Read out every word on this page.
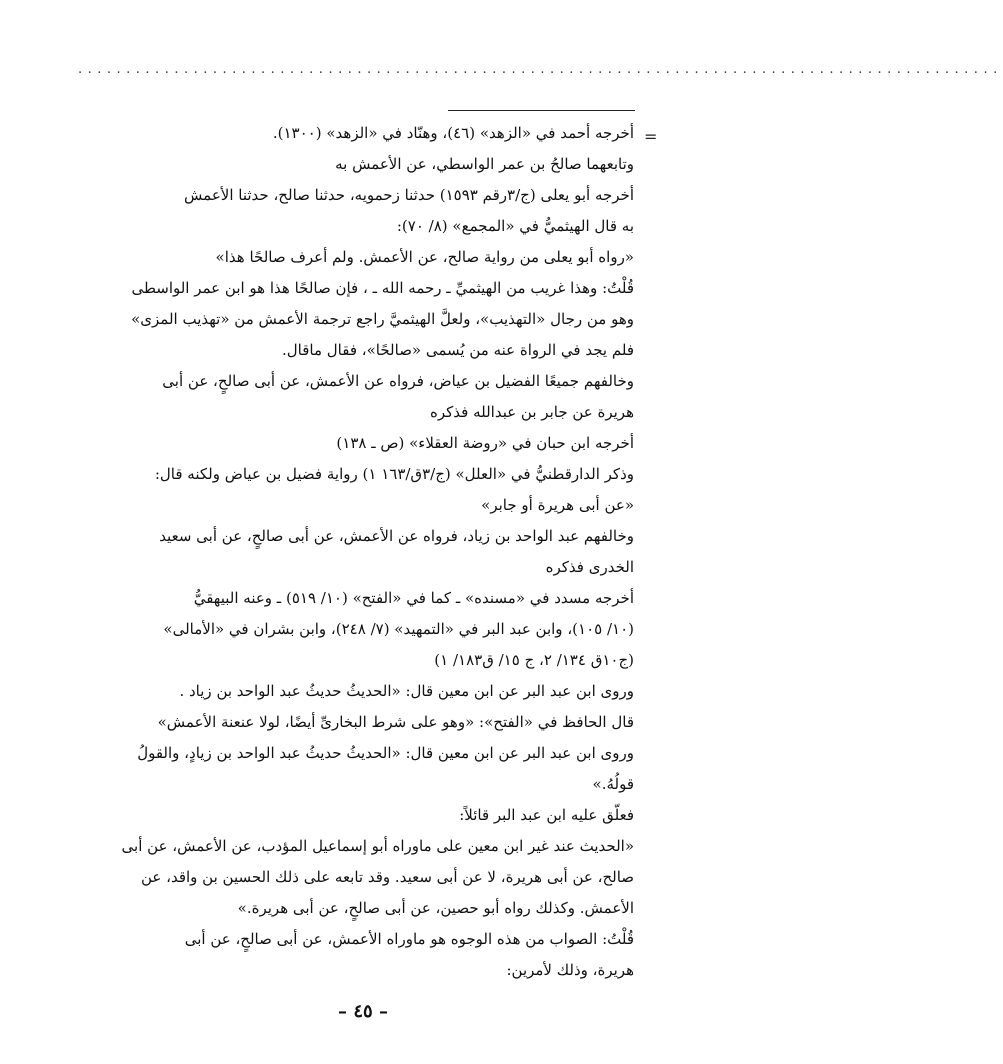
................................................................................................
=
أخرجه أحمد في «الزهد» (٤٦)، وهنّاد في «الزهد» (١٣٠٠).
وتابعهما صالحُ بن عمر الواسطي، عن الأعمش به
أخرجه أبو يعلى (ج/٣رقم ١٥٩٣) حدثنا زحمويه، حدثنا صالح، حدثنا الأعمش
به قال الهيثميُّ في «المجمع» (٨/ ٧٠):
«رواه أبو يعلى من رواية صالح، عن الأعمش. ولم أعرف صالحًا هذا»
قُلْتُ: وهذا غريب من الهيثميِّ ـ رحمه الله ـ ، فإن صالحًا هذا هو ابن عمر الواسطى
وهو من رجال «التهذيب»، ولعلَّ الهيثميَّ راجع ترجمة الأعمش من «تهذيب المزى»
فلم يجد في الرواة عنه من يُسمى «صالحًا»، فقال ماقال.
وخالفهم جميعًا الفضيل بن عياض، فرواه عن الأعمش، عن أبى صالحٍ، عن أبى
هريرة عن جابر بن عبدالله فذكره
أخرجه ابن حبان في «روضة العقلاء» (ص ـ ١٣٨)
وذكر الدارقطنيُّ في «العلل» (ج/٣ق/١٦٣ ١) رواية فضيل بن عياض ولكنه قال:
«عن أبى هريرة أو جابر»
وخالفهم عبد الواحد بن زياد، فرواه عن الأعمش، عن أبى صالحٍ، عن أبى سعيد
الخدرى فذكره
أخرجه مسدد في «مسنده» ـ كما في «الفتح» (١٠/ ٥١٩) ـ وعنه البيهقيُّ
(١٠/ ١٠٥)، وابن عبد البر في «التمهيد» (٧/ ٢٤٨)، وابن بشران في «الأمالى»
(ج١٠ق ١٣٤/ ٢، ج ١٥/ ق١٨٣/ ١)
وروى ابن عبد البر عن ابن معين قال: «الحديثُ حديثُ عبد الواحد بن زياد .
قال الحافظ في «الفتح»: «وهو على شرط البخارىِّ أيضًا، لولا عنعنة الأعمش»
وروى ابن عبد البر عن ابن معين قال: «الحديثُ حديثُ عبد الواحد بن زيادٍ، والقولُ
قولُهُ.»
فعلّق عليه ابن عبد البر قائلاً:
«الحديث عند غير ابن معين على ماوراه أبو إسماعيل المؤدب، عن الأعمش، عن أبى
صالح، عن أبى هريرة، لا عن أبى سعيد. وقد تابعه على ذلك الحسين بن واقد، عن
الأعمش. وكذلك رواه أبو حصين، عن أبى صالحٍ، عن أبى هريرة.»
قُلْتُ: الصواب من هذه الوجوه هو ماوراه الأعمش، عن أبى صالحٍ، عن أبى
هريرة، وذلك لأمرين:
– ٤٥ –
